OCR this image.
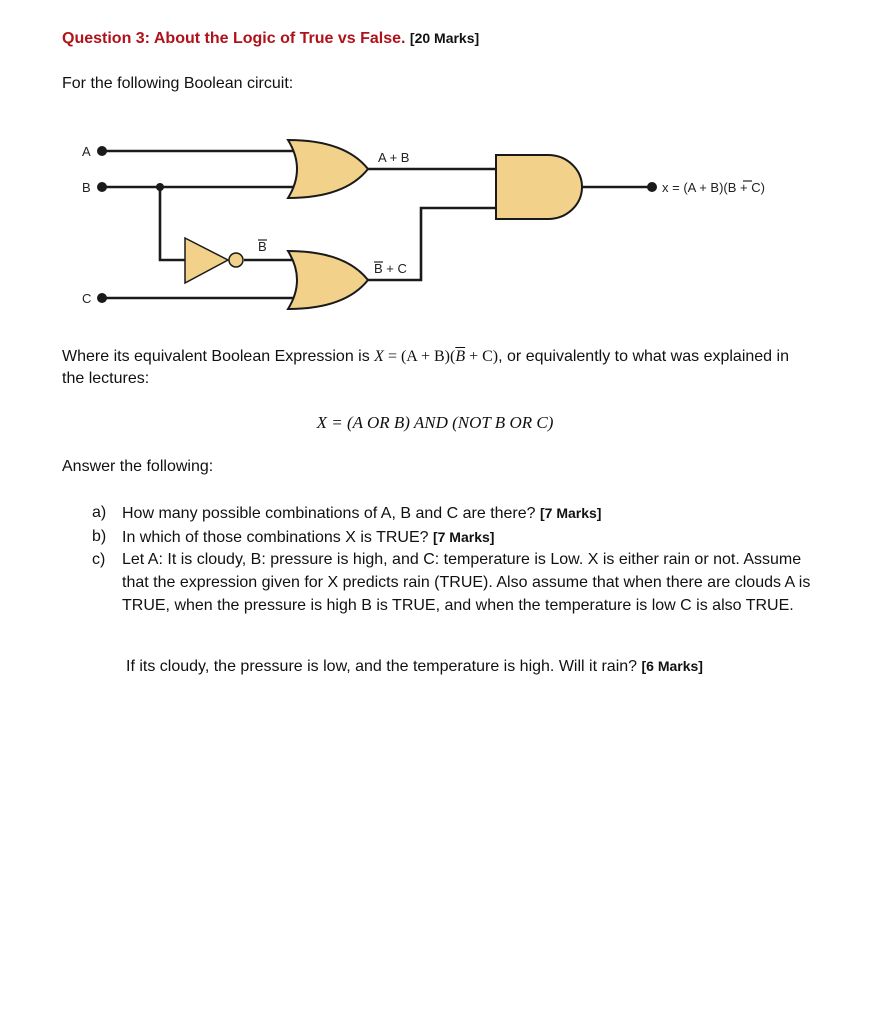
Question 3: About the Logic of True vs False. [20 Marks]
For the following Boolean circuit:
A
B
C
A + B
B
B + C
x = (A + B)(B + C)
Where its equivalent Boolean Expression is $X = (A + B)(\overline{B} + C)$, or equivalently to what was explained in the lectures:
X = (A OR B) AND (NOT B OR C)
Answer the following:
a) How many possible combinations of A, B and C are there? [7 Marks]
b) In which of those combinations X is TRUE? [7 Marks]
c)	Let A: It is cloudy, B: pressure is high, and C: temperature is Low. X is either rain or not. Assume that the expression given for X predicts rain (TRUE). Also assume that when there are clouds A is TRUE, when the pressure is high B is TRUE, and when the temperature is low C is also TRUE.
If its cloudy, the pressure is low, and the temperature is high. Will it rain? [6 Marks]
